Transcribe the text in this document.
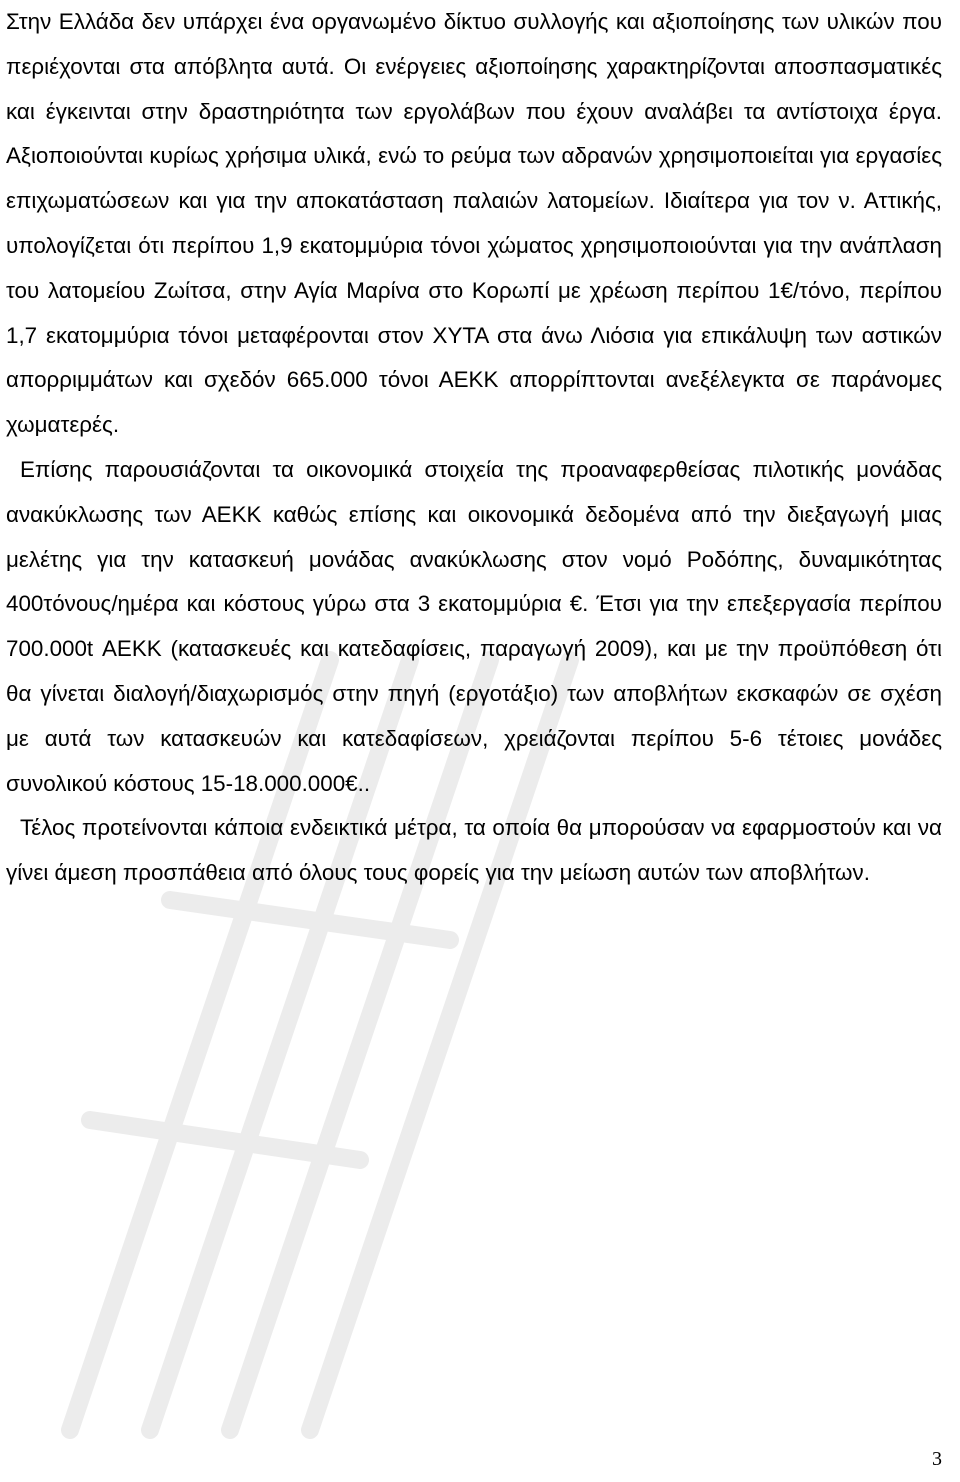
Στην Ελλάδα δεν υπάρχει ένα οργανωμένο δίκτυο συλλογής και αξιοποίησης των υλικών που περιέχονται στα απόβλητα αυτά. Οι ενέργειες αξιοποίησης χαρακτηρίζονται αποσπασματικές και έγκεινται στην δραστηριότητα των εργολάβων που έχουν αναλάβει τα αντίστοιχα έργα. Αξιοποιούνται κυρίως χρήσιμα υλικά, ενώ το ρεύμα των αδρανών χρησιμοποιείται για εργασίες επιχωματώσεων και για την αποκατάσταση παλαιών λατομείων. Ιδιαίτερα για τον ν. Αττικής, υπολογίζεται ότι περίπου 1,9 εκατομμύρια τόνοι χώματος χρησιμοποιούνται για την ανάπλαση του λατομείου Ζωίτσα, στην Αγία Μαρίνα στο Κορωπί με χρέωση περίπου 1€/τόνο, περίπου 1,7 εκατομμύρια τόνοι μεταφέρονται στον ΧΥΤΑ στα άνω Λιόσια για επικάλυψη των αστικών απορριμμάτων και σχεδόν 665.000 τόνοι ΑΕΚΚ απορρίπτονται ανεξέλεγκτα σε παράνομες χωματερές.

Επίσης παρουσιάζονται τα οικονομικά στοιχεία της προαναφερθείσας πιλοτικής μονάδας ανακύκλωσης των ΑΕΚΚ καθώς επίσης και οικονομικά δεδομένα από την διεξαγωγή μιας μελέτης για την κατασκευή μονάδας ανακύκλωσης στον νομό Ροδόπης, δυναμικότητας 400τόνους/ημέρα και κόστους γύρω στα 3 εκατομμύρια €. Έτσι για την επεξεργασία περίπου 700.000t ΑΕΚΚ (κατασκευές και κατεδαφίσεις, παραγωγή 2009), και με την προϋπόθεση ότι θα γίνεται διαλογή/διαχωρισμός στην πηγή (εργοτάξιο) των αποβλήτων εκσκαφών σε σχέση με αυτά των κατασκευών και κατεδαφίσεων, χρειάζονται περίπου 5-6 τέτοιες μονάδες συνολικού κόστους 15-18.000.000€..

Τέλος προτείνονται κάποια ενδεικτικά μέτρα, τα οποία θα μπορούσαν να εφαρμοστούν και να γίνει άμεση προσπάθεια από όλους τους φορείς για την μείωση αυτών των αποβλήτων.

3
